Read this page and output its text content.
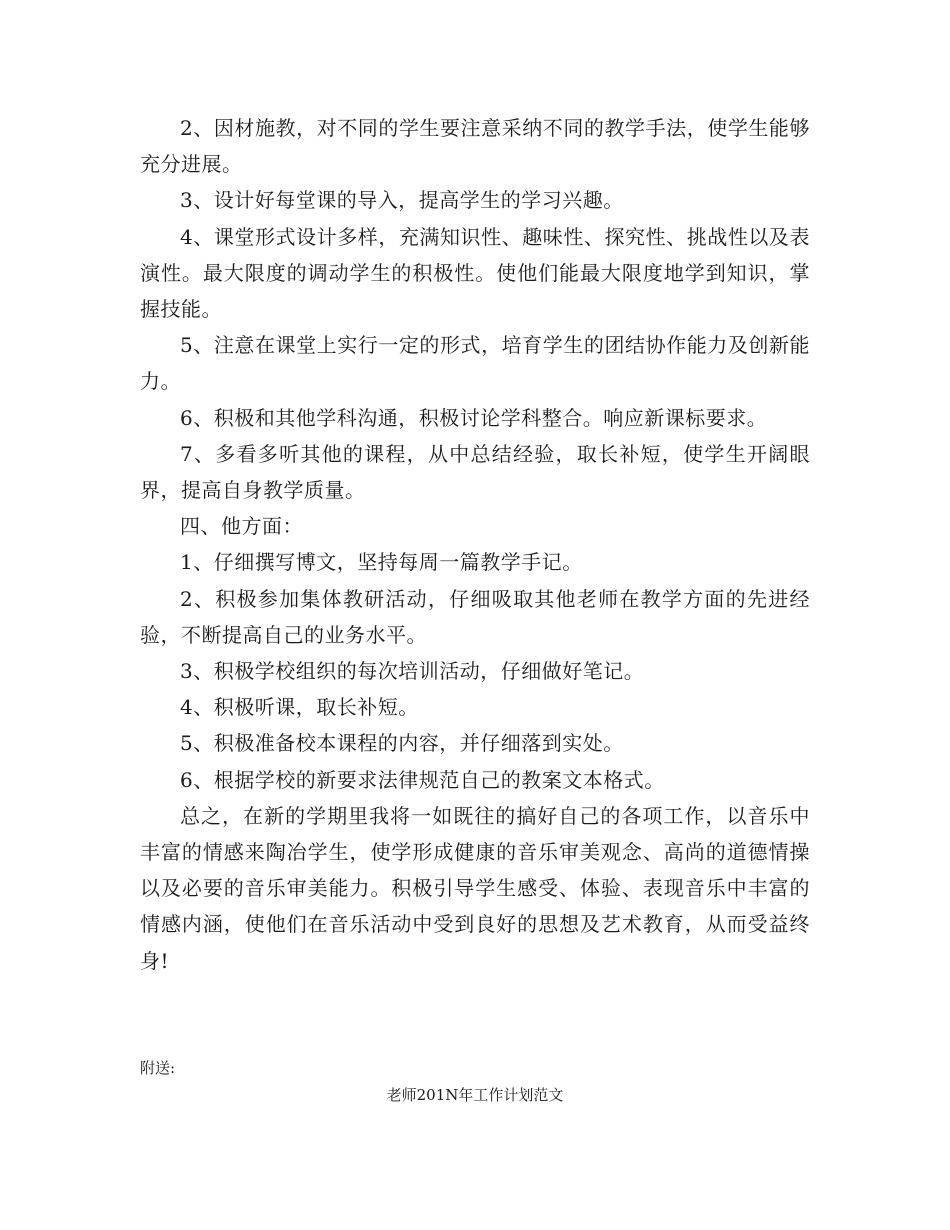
2、因材施教，对不同的学生要注意采纳不同的教学手法，使学生能够充分进展。

3、设计好每堂课的导入，提高学生的学习兴趣。

4、课堂形式设计多样，充满知识性、趣味性、探究性、挑战性以及表演性。最大限度的调动学生的积极性。使他们能最大限度地学到知识，掌握技能。

5、注意在课堂上实行一定的形式，培育学生的团结协作能力及创新能力。

6、积极和其他学科沟通，积极讨论学科整合。响应新课标要求。

7、多看多听其他的课程，从中总结经验，取长补短，使学生开阔眼界，提高自身教学质量。

四、他方面：

1、仔细撰写博文，坚持每周一篇教学手记。

2、积极参加集体教研活动，仔细吸取其他老师在教学方面的先进经验，不断提高自己的业务水平。

3、积极学校组织的每次培训活动，仔细做好笔记。

4、积极听课，取长补短。

5、积极准备校本课程的内容，并仔细落到实处。

6、根据学校的新要求法律规范自己的教案文本格式。

总之，在新的学期里我将一如既往的搞好自己的各项工作，以音乐中丰富的情感来陶冶学生，使学形成健康的音乐审美观念、高尚的道德情操以及必要的音乐审美能力。积极引导学生感受、体验、表现音乐中丰富的情感内涵，使他们在音乐活动中受到良好的思想及艺术教育，从而受益终身!

附送:

老师201N年工作计划范文
